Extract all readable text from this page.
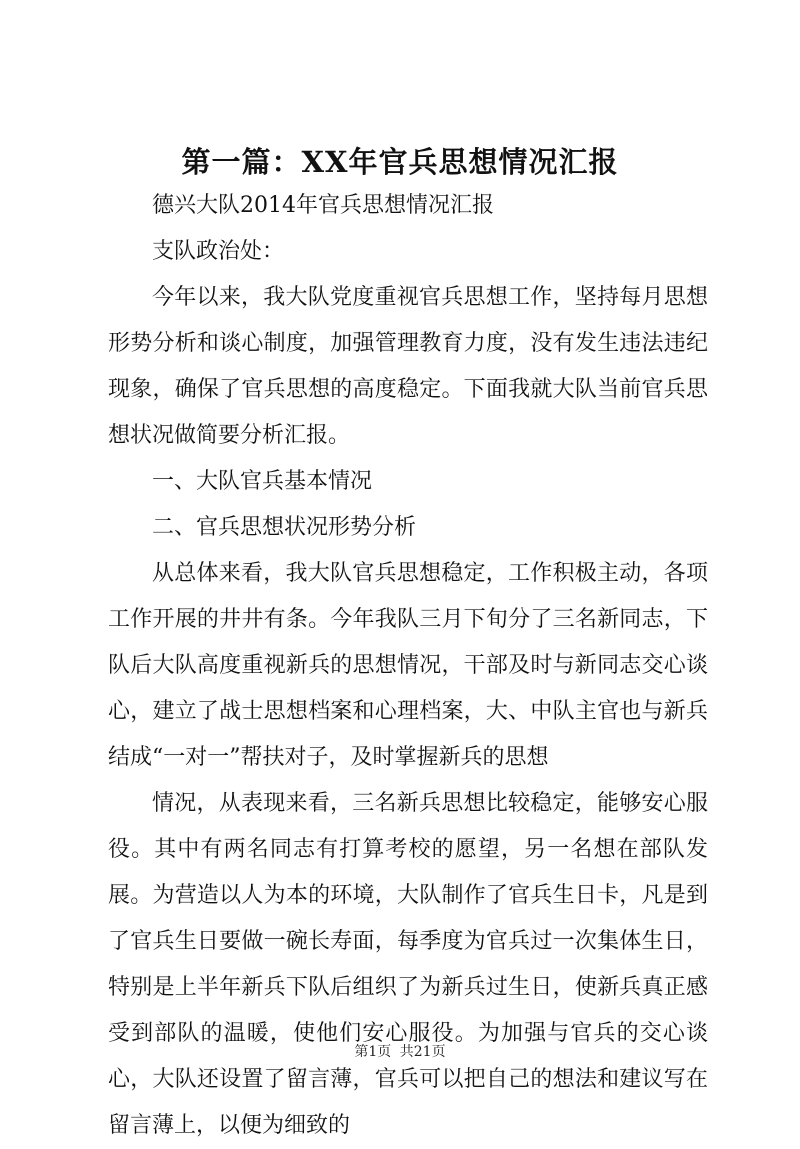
第一篇：XX年官兵思想情况汇报

德兴大队2014年官兵思想情况汇报

支队政治处：

今年以来，我大队党度重视官兵思想工作，坚持每月思想形势分析和谈心制度，加强管理教育力度，没有发生违法违纪现象，确保了官兵思想的高度稳定。下面我就大队当前官兵思想状况做简要分析汇报。

一、大队官兵基本情况

二、官兵思想状况形势分析

从总体来看，我大队官兵思想稳定，工作积极主动，各项工作开展的井井有条。今年我队三月下旬分了三名新同志，下队后大队高度重视新兵的思想情况，干部及时与新同志交心谈心，建立了战士思想档案和心理档案，大、中队主官也与新兵结成“一对一”帮扶对子，及时掌握新兵的思想

情况，从表现来看，三名新兵思想比较稳定，能够安心服役。其中有两名同志有打算考校的愿望，另一名想在部队发展。为营造以人为本的环境，大队制作了官兵生日卡，凡是到了官兵生日要做一碗长寿面，每季度为官兵过一次集体生日，特别是上半年新兵下队后组织了为新兵过生日，使新兵真正感受到部队的温暖，使他们安心服役。为加强与官兵的交心谈心，大队还设置了留言薄，官兵可以把自己的想法和建议写在留言薄上，以便为细致的

第1页 共21页
